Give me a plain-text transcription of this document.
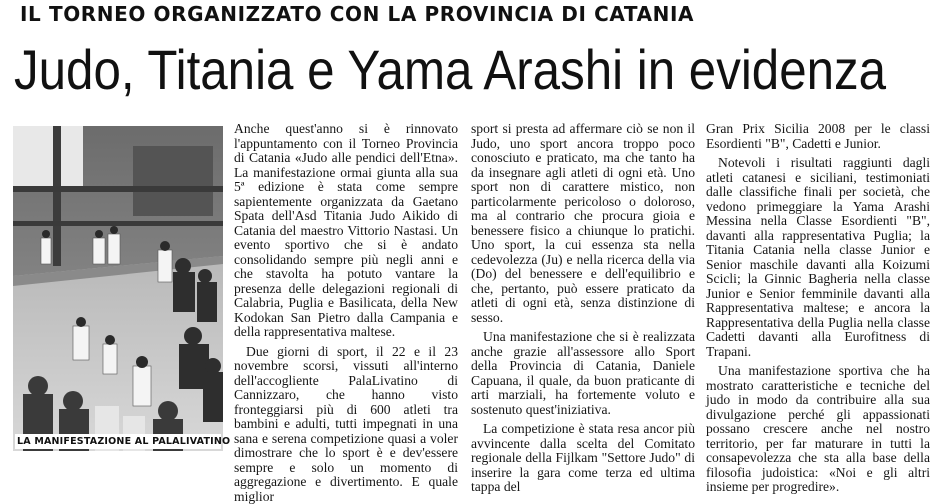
IL TORNEO ORGANIZZATO CON LA PROVINCIA DI CATANIA
Judo, Titania e Yama Arashi in evidenza
LA MANIFESTAZIONE AL PALALIVATINO

Anche quest'anno si è rinnovato l'appuntamento con il Torneo Provincia di Catania «Judo alle pendici dell'Etna». La manifestazione ormai giunta alla sua 5ª edizione è stata come sempre sapientemente organizzata da Gaetano Spata dell'Asd Titania Judo Aikido di Catania del maestro Vittorio Nastasi. Un evento sportivo che si è andato consolidando sempre più negli anni e che stavolta ha potuto vantare la presenza delle delegazioni regionali di Calabria, Puglia e Basilicata, della New Kodokan San Pietro dalla Campania e della rappresentativa maltese.

Due giorni di sport, il 22 e il 23 novembre scorsi, vissuti all'interno dell'accogliente PalaLivatino di Cannizzaro, che hanno visto fronteggiarsi più di 600 atleti tra bambini e adulti, tutti impegnati in una sana e serena competizione quasi a voler dimostrare che lo sport è e dev'essere sempre e solo un momento di aggregazione e divertimento. E quale miglior

sport si presta ad affermare ciò se non il Judo, uno sport ancora troppo poco conosciuto e praticato, ma che tanto ha da insegnare agli atleti di ogni età. Uno sport non di carattere mistico, non particolarmente pericoloso o doloroso, ma al contrario che procura gioia e benessere fisico a chiunque lo pratichi. Uno sport, la cui essenza sta nella cedevolezza (Ju) e nella ricerca della via (Do) del benessere e dell'equilibrio e che, pertanto, può essere praticato da atleti di ogni età, senza distinzione di sesso.

Una manifestazione che si è realizzata anche grazie all'assessore allo Sport della Provincia di Catania, Daniele Capuana, il quale, da buon praticante di arti marziali, ha fortemente voluto e sostenuto quest'iniziativa.

La competizione è stata resa ancor più avvincente dalla scelta del Comitato regionale della Fijlkam "Settore Judo" di inserire la gara come terza ed ultima tappa del

Gran Prix Sicilia 2008 per le classi Esordienti "B", Cadetti e Junior.

Notevoli i risultati raggiunti dagli atleti catanesi e siciliani, testimoniati dalle classifiche finali per società, che vedono primeggiare la Yama Arashi Messina nella Classe Esordienti "B", davanti alla rappresentativa Puglia; la Titania Catania nella classe Junior e Senior maschile davanti alla Koizumi Scicli; la Ginnic Bagheria nella classe Junior e Senior femminile davanti alla Rappresentativa maltese; e ancora la Rappresentativa della Puglia nella classe Cadetti davanti alla Eurofitness di Trapani.

Una manifestazione sportiva che ha mostrato caratteristiche e tecniche del judo in modo da contribuire alla sua divulgazione perché gli appassionati possano crescere anche nel nostro territorio, per far maturare in tutti la consapevolezza che sta alla base della filosofia judoistica: «Noi e gli altri insieme per progredire».
